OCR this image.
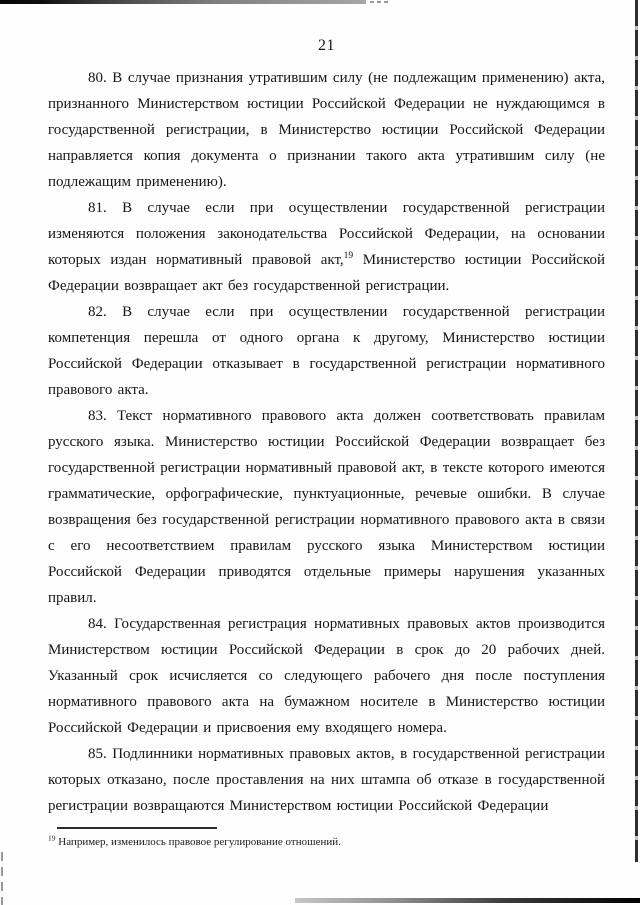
21

80. В случае признания утратившим силу (не подлежащим применению) акта, признанного Министерством юстиции Российской Федерации не нуждающимся в государственной регистрации, в Министерство юстиции Российской Федерации направляется копия документа о признании такого акта утратившим силу (не подлежащим применению).

81. В случае если при осуществлении государственной регистрации изменяются положения законодательства Российской Федерации, на основании которых издан нормативный правовой акт,$^{19}$ Министерство юстиции Российской Федерации возвращает акт без государственной регистрации.

82. В случае если при осуществлении государственной регистрации компетенция перешла от одного органа к другому, Министерство юстиции Российской Федерации отказывает в государственной регистрации нормативного правового акта.

83. Текст нормативного правового акта должен соответствовать правилам русского языка. Министерство юстиции Российской Федерации возвращает без государственной регистрации нормативный правовой акт, в тексте которого имеются грамматические, орфографические, пунктуационные, речевые ошибки. В случае возвращения без государственной регистрации нормативного правового акта в связи с его несоответствием правилам русского языка Министерством юстиции Российской Федерации приводятся отдельные примеры нарушения указанных правил.

84. Государственная регистрация нормативных правовых актов производится Министерством юстиции Российской Федерации в срок до 20 рабочих дней. Указанный срок исчисляется со следующего рабочего дня после поступления нормативного правового акта на бумажном носителе в Министерство юстиции Российской Федерации и присвоения ему входящего номера.

85. Подлинники нормативных правовых актов, в государственной регистрации которых отказано, после проставления на них штампа об отказе в государственной регистрации возвращаются Министерством юстиции Российской Федерации

$^{19}$ Например, изменилось правовое регулирование отношений.
